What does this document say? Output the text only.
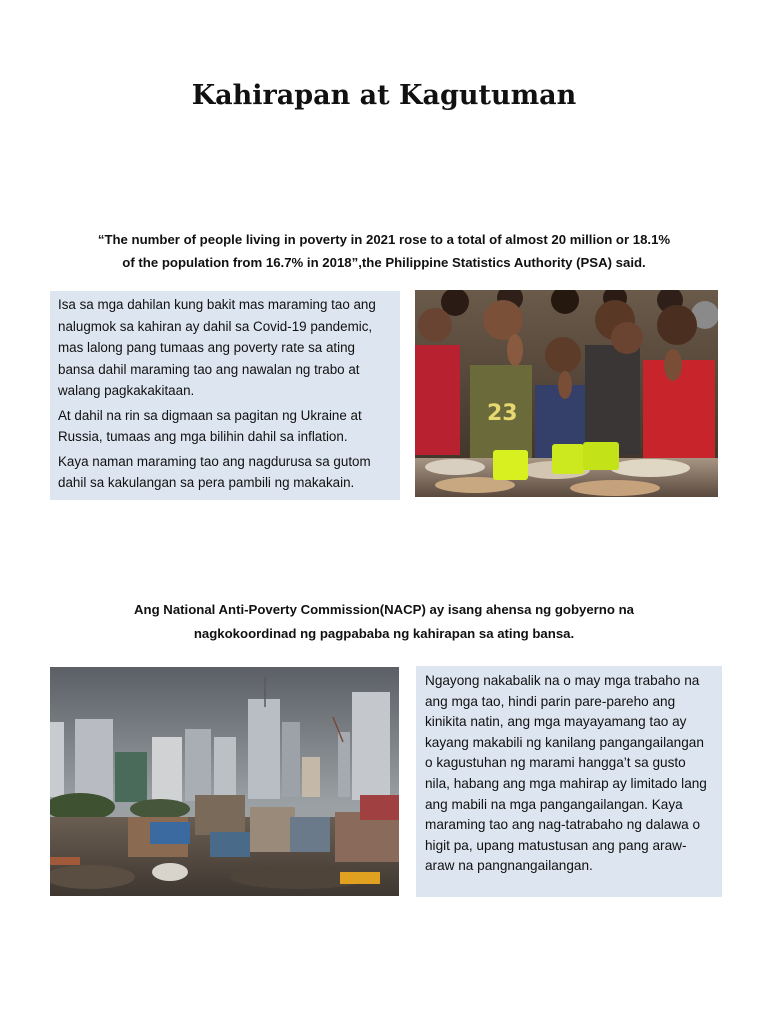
Kahirapan at Kagutuman
“The number of people living in poverty in 2021 rose to a total of almost 20 million or 18.1%
of the population from 16.7% in 2018”,the Philippine Statistics Authority (PSA) said.

Isa sa mga dahilan kung bakit mas maraming tao ang nalugmok sa kahiran ay dahil sa Covid-19 pandemic, mas lalong pang tumaas ang poverty rate sa ating bansa dahil maraming tao ang nawalan ng trabo at walang pagkakakitaan.

At dahil na rin sa digmaan sa pagitan ng Ukraine at Russia, tumaas ang mga bilihin dahil sa inflation.

Kaya naman maraming tao ang nagdurusa sa gutom dahil sa kakulangan sa pera pambili ng makakain.

23
Ang National Anti-Poverty Commission(NACP) ay isang ahensa ng gobyerno na
nagkokoordinad ng pagpababa ng kahirapan sa ating bansa.
Ngayong nakabalik na o may mga trabaho na ang mga tao, hindi parin pare-pareho ang kinikita natin, ang mga mayayamang tao ay kayang makabili ng kanilang pangangailangan o kagustuhan ng marami hangga’t sa gusto nila, habang ang mga mahirap ay limitado lang ang mabili na mga pangangailangan. Kaya maraming tao ang nag-tatrabaho ng dalawa o higit pa, upang matustusan ang pang araw-araw na pangnangailangan.
